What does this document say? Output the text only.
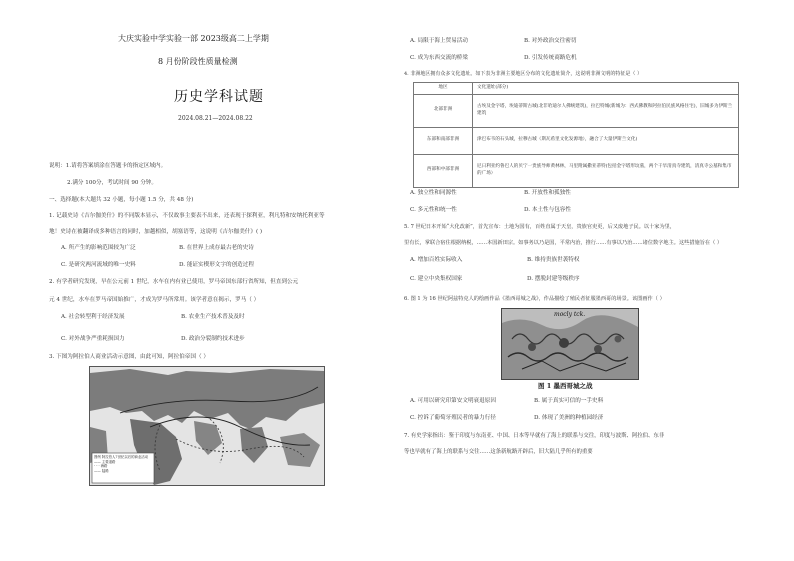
大庆实验中学实验一部 2023级高二上学期
8 月份阶段性质量检测
历史学科试题
2024.08.21—2024.08.22
说明：1.请将答案填涂在答题卡的指定区域内。
2.满分 100分，考试时间 90 分钟。
一、选择题(本大题共 32 小题，每小题 1.5 分，共 48 分)
1. 记载史诗《吉尔伽美什》的不同版本显示，不仅故事主要表不出来，还表现于探利亚，利凡特和安纳托利亚等
地！史诗在被翻译成多种语言的同时，加越相似，胡塞语等，这说明《吉尔伽美什》( )
A. 所产生的影响范围较为广泛	B. 在世界上成存最古老的史诗
C. 是研究两河流域的唯一史料	D. 能证实楔形文字的创造过程
2. 有学者研究发现，早在公元前 1 世纪，水车在内有业已使用，罗马帝国东部行省所知，但直到公元
元 4 世纪，水车在罗马帝国始推广，才成为罗马所常用。该学者意在揭示，罗马（ ）
A. 社会转型利于经济发展	B. 农业生产技术普及及时
C. 对外战争严重耗损国力	D. 政治分裂制约技术进步
3. 下图为阿拉伯人商业活动示意图，由此可知，阿拉伯帝国（ ）
图例 阿拉伯人7世纪以后的商业活动
—— 主要道路
- - - 海路
—— 陆路
A. 局限于海上贸易活动	B. 对外政治交往密切
C. 成为东西交流的桥梁	D. 引发传统商路危机
4. 非洲地区拥有众多文化遗址。如下表为非洲主要地区分布的文化遗址简介，这说明非洲文明的特征是（ ）
地区	文化遗址(部分)
北部非洲	古埃及金字塔，埃迪蒂斯古城(北非哈迪尔人佛统建筑)，拉巴特城(新城为：西式佛教和阿拉伯民族风格住宅)，旧城多为伊斯兰建筑
东部和南部非洲	津巴布韦的石头城，拉穆古城（斯瓦希里文化发源地），融合了大量伊斯兰文化)
西部和中部非洲	尼日利亚约鲁巴人的贝宁一贵族导师黄林林，马里附属撒亚蒂特(包括金字塔形坟墓，两个干旱清真寺建筑，清真寺公墓和集市的广场）
A. 独立性和同源性	B. 开放性和孤独性
C. 多元性和统一性	D. 本土性与包容性
5. 7 世纪日本开始“大化改新”，首先宣布：土地为国有，百姓直属于天皇，贵族官吏更，后又废地子民。以十家为里，
里有长，掌联合宿住根据纳税，……本国新田宗。如事务以乃是国，平常内治，推行……有事以乃治……诸位数字地主。这些措施旨在（ ）
A. 增加百姓实际收入	B. 维持贵族世袭特权
C. 建立中央集权国家	D. 摆脱封建等级秩序
6. 图 1 为 16 世纪阿兹特克人的绘画作品《墨西哥城之战》，作品描绘了殖民者征服墨西哥的场景。该图画作（ ）
mocly tck.
图 1 墨西哥城之战
A. 可用以研究印第安文明衰退原因	B. 属于真实可信的一手史料
C. 控诉了葡萄牙殖民者的暴力行径	D. 体现了美洲的种植园经济
7. 有史学家指出：鉴于印度与东南亚、中国、日本等早就有了海上的联系与交往，印度与波斯、阿拉伯、东非
等也早就有了海上的联系与交往……这条新航路开辟后，旧大陆几乎所有的重要
